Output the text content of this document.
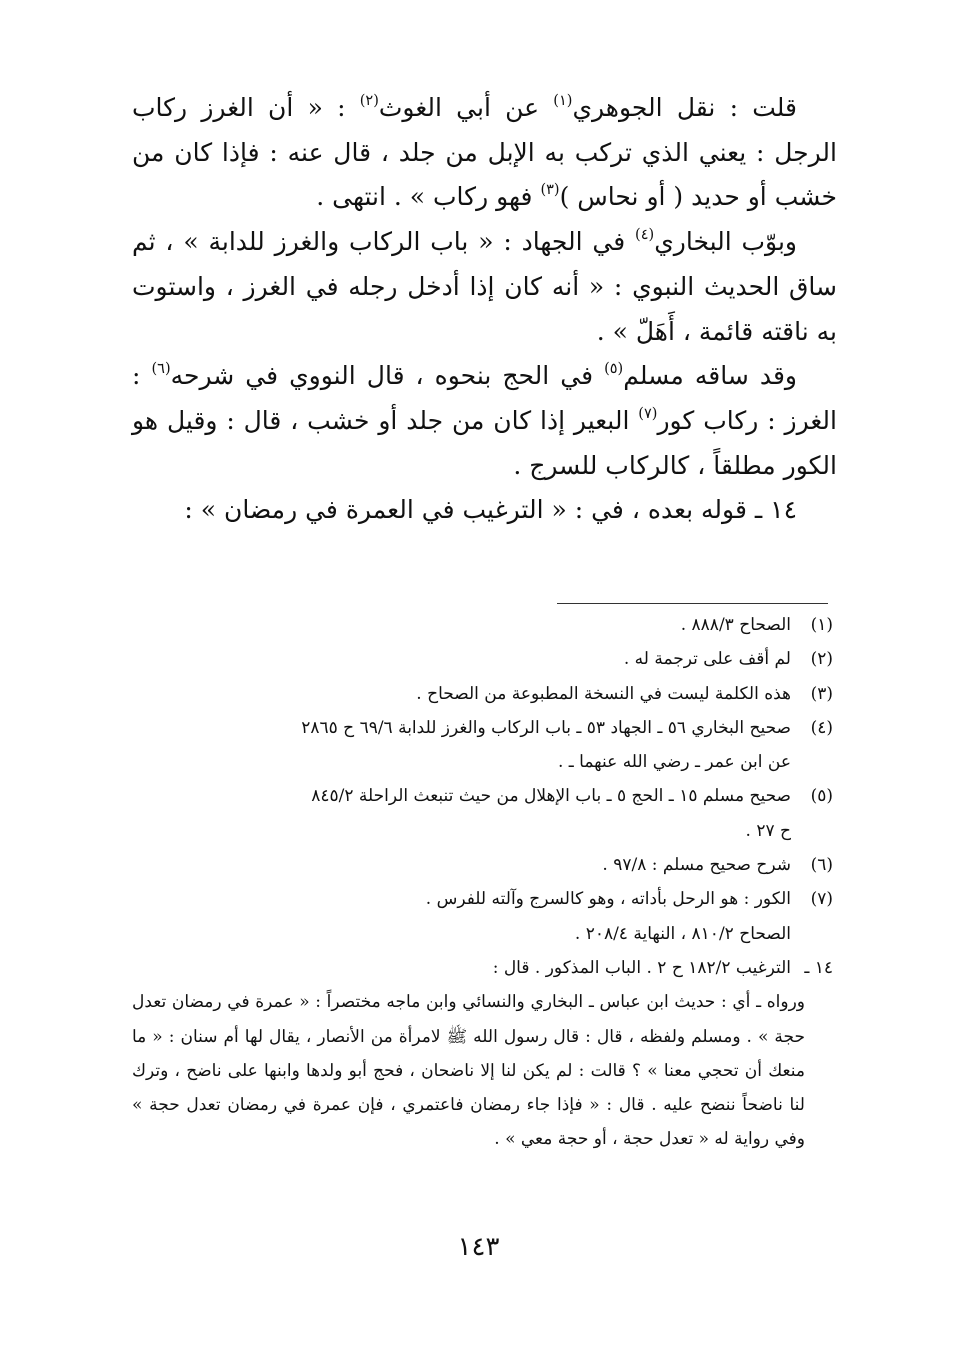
قلت : نقل الجوهري$^{(١)}$ عن أبي الغوث$^{(٢)}$ : « أن الغرز ركاب الرجل : يعني الذي تركب به الإبل من جلد ، قال عنه : فإذا كان من خشب أو حديد ( أو نحاس )$^{(٣)}$ فهو ركاب » . انتهى .

وبوّب البخاري$^{(٤)}$ في الجهاد : « باب الركاب والغرز للدابة » ، ثم ساق الحديث النبوي : « أنه كان إذا أدخل رجله في الغرز ، واستوت به ناقته قائمة ، أَهَلّ » .

وقد ساقه مسلم$^{(٥)}$ في الحج بنحوه ، قال النووي في شرحه$^{(٦)}$ : الغرز : ركاب كور$^{(٧)}$ البعير إذا كان من جلد أو خشب ، قال : وقيل هو الكور مطلقاً ، كالركاب للسرج .

١٤ ـ قوله بعده ، في : « الترغيب في العمرة في رمضان » :

(١)
الصحاح ٨٨٨/٣ .
(٢)
لم أقف على ترجمة له .
(٣)
هذه الكلمة ليست في النسخة المطبوعة من الصحاح .
(٤)
صحيح البخاري ٥٦ ـ الجهاد ٥٣ ـ باب الركاب والغرز للدابة ٦٩/٦ ح ٢٨٦٥
عن ابن عمر ـ رضي الله عنهما ـ .
(٥)
صحيح مسلم ١٥ ـ الحج ٥ ـ باب الإهلال من حيث تنبعث الراحلة ٨٤٥/٢
ح ٢٧ .
(٦)
شرح صحيح مسلم : ٩٧/٨ .
(٧)
الكور : هو الرحل بأداته ، وهو كالسرج وآلته للفرس .
الصحاح ٨١٠/٢ ، النهاية ٢٠٨/٤ .
١٤ ـ
الترغيب ١٨٢/٢ ح ٢ . الباب المذكور . قال :
ورواه ـ أي : حديث ابن عباس ـ البخاري والنسائي وابن ماجه مختصراً : « عمرة في رمضان تعدل حجة » . ومسلم ولفظه ، قال : قال رسول الله ﷺ لامرأة من الأنصار ، يقال لها أم سنان : « ما منعك أن تحجي معنا » ؟ قالت : لم يكن لنا إلا ناضحان ، فحج أبو ولدها وابنها على ناضح ، وترك لنا ناضحاً ننضح عليه . قال : « فإذا جاء رمضان فاعتمري ، فإن عمرة في رمضان تعدل حجة » وفي رواية له « تعدل حجة ، أو حجة معي » .
١٤٣
